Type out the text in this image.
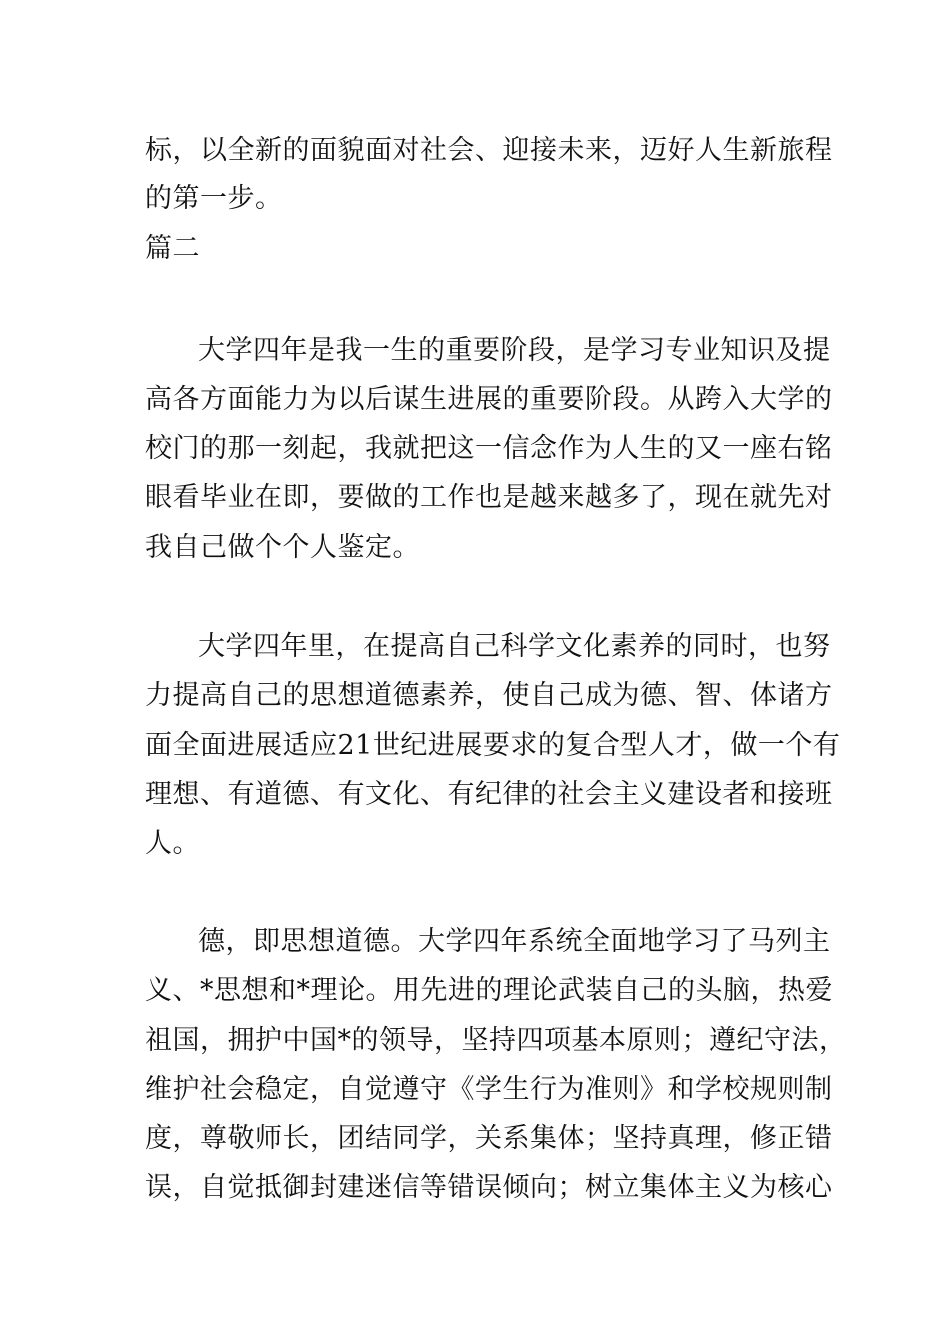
标，以全新的面貌面对社会、迎接未来，迈好人生新旅程
的第一步。
篇二
大学四年是我一生的重要阶段，是学习专业知识及提
高各方面能力为以后谋生进展的重要阶段。从跨入大学的
校门的那一刻起，我就把这一信念作为人生的又一座右铭
眼看毕业在即，要做的工作也是越来越多了，现在就先对
我自己做个个人鉴定。
大学四年里，在提高自己科学文化素养的同时，也努
力提高自己的思想道德素养，使自己成为德、智、体诸方
面全面进展适应21世纪进展要求的复合型人才，做一个有
理想、有道德、有文化、有纪律的社会主义建设者和接班
人。
德，即思想道德。大学四年系统全面地学习了马列主
义、*思想和*理论。用先进的理论武装自己的头脑，热爱
祖国，拥护中国*的领导，坚持四项基本原则；遵纪守法，
维护社会稳定，自觉遵守《学生行为准则》和学校规则制
度，尊敬师长，团结同学，关系集体；坚持真理，修正错
误，自觉抵御封建迷信等错误倾向；树立集体主义为核心
